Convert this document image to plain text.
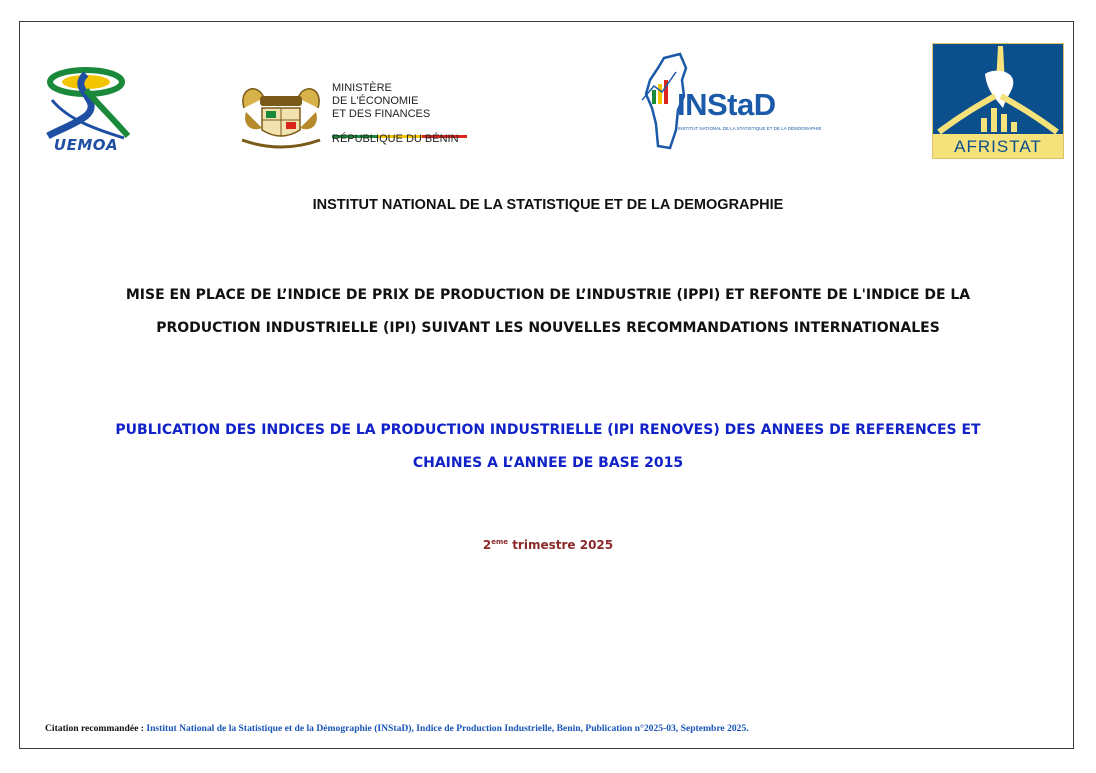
UEMOA
MINISTÈRE
DE L'ÉCONOMIE
ET DES FINANCES
RÉPUBLIQUE DU BÉNIN
INStaD
INSTITUT NATIONAL DE LA STATISTIQUE ET DE LA DÉMOGRAPHIE
AFRISTAT
INSTITUT NATIONAL DE LA STATISTIQUE ET DE LA DEMOGRAPHIE
MISE EN PLACE DE L’INDICE DE PRIX DE PRODUCTION DE L’INDUSTRIE (IPPI) ET REFONTE DE L'INDICE DE LA
PRODUCTION INDUSTRIELLE (IPI) SUIVANT LES NOUVELLES RECOMMANDATIONS INTERNATIONALES
PUBLICATION DES INDICES DE LA PRODUCTION INDUSTRIELLE (IPI RENOVES) DES ANNEES DE REFERENCES ET
CHAINES A L’ANNEE DE BASE 2015
2eme trimestre 2025
Citation recommandée : Institut National de la Statistique et de la Démographie (INStaD), Indice de Production Industrielle, Benin, Publication n°2025-03, Septembre 2025.
